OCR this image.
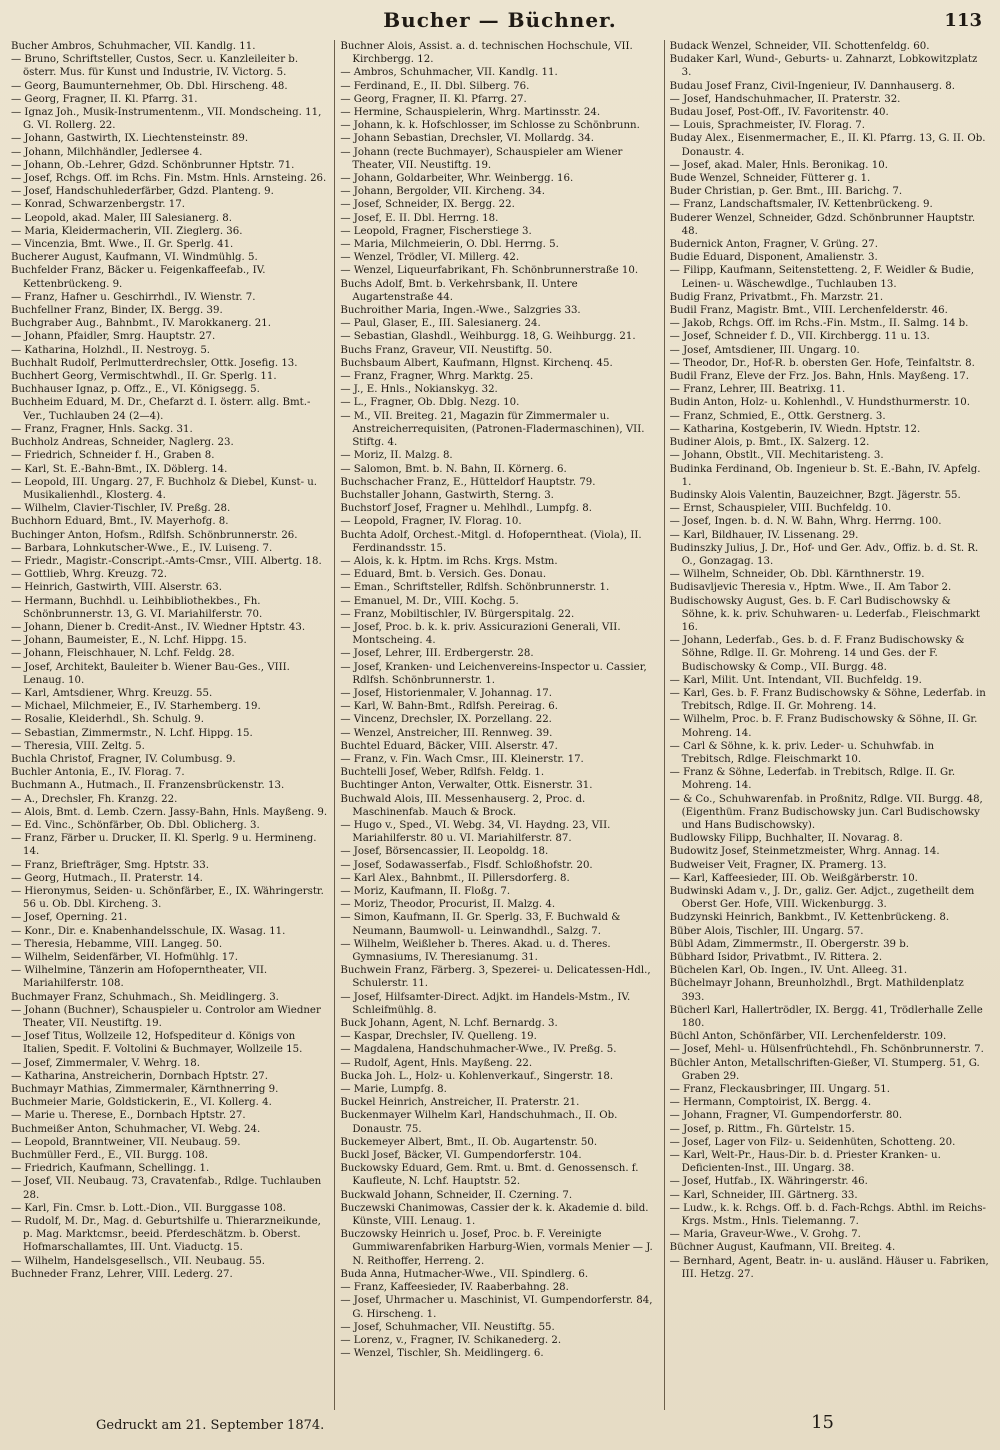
Bucher — Büchner.	113

Bucher Ambros, Schuhmacher, VII. Kandlg. 11.

— Bruno, Schriftsteller, Custos, Secr. u. Kanzleileiter b. österr. Mus. für Kunst und Industrie, IV. Victorg. 5.

— Georg, Baumunternehmer, Ob. Dbl. Hirscheng. 48.

— Georg, Fragner, II. Kl. Pfarrg. 31.

— Ignaz Joh., Musik-Instrumentenm., VII. Mondscheing. 11, G. VI. Rollerg. 22.

— Johann, Gastwirth, IX. Liechtensteinstr. 89.

— Johann, Milchhändler, Jedlersee 4.

— Johann, Ob.-Lehrer, Gdzd. Schönbrunner Hptstr. 71.

— Josef, Rchgs. Off. im Rchs. Fin. Mstm. Hnls. Arnsteing. 26.

— Josef, Handschuhlederfärber, Gdzd. Planteng. 9.

— Konrad, Schwarzenbergstr. 17.

— Leopold, akad. Maler, III Salesianerg. 8.

— Maria, Kleidermacherin, VII. Zieglerg. 36.

— Vincenzia, Bmt. Wwe., II. Gr. Sperlg. 41.

Bucherer August, Kaufmann, VI. Windmühlg. 5.

Buchfelder Franz, Bäcker u. Feigenkaffeefab., IV. Kettenbrückeng. 9.

— Franz, Hafner u. Geschirrhdl., IV. Wienstr. 7.

Buchfellner Franz, Binder, IX. Bergg. 39.

Buchgraber Aug., Bahnbmt., IV. Marokkanerg. 21.

— Johann, Pfaidler, Smrg. Hauptstr. 27.

— Katharina, Holzhdl., II. Nestroyg. 5.

Buchhalt Rudolf, Perlmutterdrechsler, Ottk. Josefig. 13.

Buchhert Georg, Vermischtwhdl., II. Gr. Sperlg. 11.

Buchhauser Ignaz, p. Offz., E., VI. Königsegg. 5.

Buchheim Eduard, M. Dr., Chefarzt d. I. österr. allg. Bmt.-Ver., Tuchlauben 24 (2—4).

— Franz, Fragner, Hnls. Sackg. 31.

Buchholz Andreas, Schneider, Naglerg. 23.

— Friedrich, Schneider f. H., Graben 8.

— Karl, St. E.-Bahn-Bmt., IX. Döblerg. 14.

— Leopold, III. Ungarg. 27, F. Buchholz & Diebel, Kunst- u. Musikalienhdl., Klosterg. 4.

— Wilhelm, Clavier-Tischler, IV. Preßg. 28.

Buchhorn Eduard, Bmt., IV. Mayerhofg. 8.

Buchinger Anton, Hofsm., Rdlfsh. Schönbrunnerstr. 26.

— Barbara, Lohnkutscher-Wwe., E., IV. Luiseng. 7.

— Friedr., Magistr.-Conscript.-Amts-Cmsr., VIII. Albertg. 18.

— Gottlieb, Whrg. Kreuzg. 72.

— Heinrich, Gastwirth, VIII. Alserstr. 63.

— Hermann, Buchhdl. u. Leihbibliothekbes., Fh. Schönbrunnerstr. 13, G. VI. Mariahilferstr. 70.

— Johann, Diener b. Credit-Anst., IV. Wiedner Hptstr. 43.

— Johann, Baumeister, E., N. Lchf. Hippg. 15.

— Johann, Fleischhauer, N. Lchf. Feldg. 28.

— Josef, Architekt, Bauleiter b. Wiener Bau-Ges., VIII. Lenaug. 10.

— Karl, Amtsdiener, Whrg. Kreuzg. 55.

— Michael, Milchmeier, E., IV. Starhemberg. 19.

— Rosalie, Kleiderhdl., Sh. Schulg. 9.

— Sebastian, Zimmermstr., N. Lchf. Hippg. 15.

— Theresia, VIII. Zeltg. 5.

Buchla Christof, Fragner, IV. Columbusg. 9.

Buchler Antonia, E., IV. Florag. 7.

Buchmann A., Hutmach., II. Franzensbrückenstr. 13.

— A., Drechsler, Fh. Kranzg. 22.

— Alois, Bmt. d. Lemb. Czern. Jassy-Bahn, Hnls. Mayßeng. 9.

— Ed. Vinc., Schönfärber, Ob. Dbl. Oblicherg. 3.

— Franz, Färber u. Drucker, II. Kl. Sperlg. 9 u. Hermineng. 14.

— Franz, Briefträger, Smg. Hptstr. 33.

— Georg, Hutmach., II. Praterstr. 14.

— Hieronymus, Seiden- u. Schönfärber, E., IX. Währingerstr. 56 u. Ob. Dbl. Kircheng. 3.

— Josef, Operning. 21.

— Konr., Dir. e. Knabenhandelsschule, IX. Wasag. 11.

— Theresia, Hebamme, VIII. Langeg. 50.

— Wilhelm, Seidenfärber, VI. Hofmühlg. 17.

— Wilhelmine, Tänzerin am Hofoperntheater, VII. Mariahilferstr. 108.

Buchmayer Franz, Schuhmach., Sh. Meidlingerg. 3.

— Johann (Buchner), Schauspieler u. Controlor am Wiedner Theater, VII. Neustiftg. 19.

— Josef Titus, Wollzeile 12, Hofspediteur d. Königs von Italien, Spedit. F. Voltolini & Buchmayer, Wollzeile 15.

— Josef, Zimmermaler, V. Wehrg. 18.

— Katharina, Anstreicherin, Dornbach Hptstr. 27.

Buchmayr Mathias, Zimmermaler, Kärnthnerring 9.

Buchmeier Marie, Goldstickerin, E., VI. Kollerg. 4.

— Marie u. Therese, E., Dornbach Hptstr. 27.

Buchmeißer Anton, Schuhmacher, VI. Webg. 24.

— Leopold, Branntweiner, VII. Neubaug. 59.

Buchmüller Ferd., E., VII. Burgg. 108.

— Friedrich, Kaufmann, Schellingg. 1.

— Josef, VII. Neubaug. 73, Cravatenfab., Rdlge. Tuchlauben 28.

— Karl, Fin. Cmsr. b. Lott.-Dion., VII. Burggasse 108.

— Rudolf, M. Dr., Mag. d. Geburtshilfe u. Thierarzneikunde, p. Mag. Marktcmsr., beeid. Pferdeschätzm. b. Oberst. Hofmarschallamtes, III. Unt. Viaductg. 15.

— Wilhelm, Handelsgesellsch., VII. Neubaug. 55.

Buchneder Franz, Lehrer, VIII. Lederg. 27.

Buchner Alois, Assist. a. d. technischen Hochschule, VII. Kirchbergg. 12.

— Ambros, Schuhmacher, VII. Kandlg. 11.

— Ferdinand, E., II. Dbl. Silberg. 76.

— Georg, Fragner, II. Kl. Pfarrg. 27.

— Hermine, Schauspielerin, Whrg. Martinsstr. 24.

— Johann, k. k. Hofschlosser, im Schlosse zu Schönbrunn.

— Johann Sebastian, Drechsler, VI. Mollardg. 34.

— Johann (recte Buchmayer), Schauspieler am Wiener Theater, VII. Neustiftg. 19.

— Johann, Goldarbeiter, Whr. Weinbergg. 16.

— Johann, Bergolder, VII. Kircheng. 34.

— Josef, Schneider, IX. Bergg. 22.

— Josef, E. II. Dbl. Herrng. 18.

— Leopold, Fragner, Fischerstiege 3.

— Maria, Milchmeierin, O. Dbl. Herrng. 5.

— Wenzel, Trödler, VI. Millerg. 42.

— Wenzel, Liqueurfabrikant, Fh. Schönbrunnerstraße 10.

Buchs Adolf, Bmt. b. Verkehrsbank, II. Untere Augartenstraße 44.

Buchroither Maria, Ingen.-Wwe., Salzgries 33.

— Paul, Glaser, E., III. Salesianerg. 24.

— Sebastian, Glashdl., Weihburgg. 18, G. Weihburgg. 21.

Buchs Franz, Graveur, VII. Neustiftg. 50.

Buchsbaum Albert, Kaufmann, Hlgnst. Kirchenq. 45.

— Franz, Fragner, Whrg. Marktg. 25.

— J., E. Hnls., Nokianskyg. 32.

— L., Fragner, Ob. Dblg. Nezg. 10.

— M., VII. Breiteg. 21, Magazin für Zimmermaler u. Anstreicherrequisiten, (Patronen-Fladermaschinen), VII. Stiftg. 4.

— Moriz, II. Malzg. 8.

— Salomon, Bmt. b. N. Bahn, II. Körnerg. 6.

Buchschacher Franz, E., Hütteldorf Hauptstr. 79.

Buchstaller Johann, Gastwirth, Sterng. 3.

Buchstorf Josef, Fragner u. Mehlhdl., Lumpfg. 8.

— Leopold, Fragner, IV. Florag. 10.

Buchta Adolf, Orchest.-Mitgl. d. Hofoperntheat. (Viola), II. Ferdinandsstr. 15.

— Alois, k. k. Hptm. im Rchs. Krgs. Mstm.

— Eduard, Bmt. b. Versich. Ges. Donau.

— Eman., Schriftsteller, Rdlfsh. Schönbrunnerstr. 1.

— Emanuel, M. Dr., VIII. Kochg. 5.

— Franz, Mobiltischler, IV. Bürgerspitalg. 22.

— Josef, Proc. b. k. k. priv. Assicurazioni Generali, VII. Montscheing. 4.

— Josef, Lehrer, III. Erdbergerstr. 28.

— Josef, Kranken- und Leichenvereins-Inspector u. Cassier, Rdlfsh. Schönbrunnerstr. 1.

— Josef, Historienmaler, V. Johannag. 17.

— Karl, W. Bahn-Bmt., Rdlfsh. Pereirag. 6.

— Vincenz, Drechsler, IX. Porzellang. 22.

— Wenzel, Anstreicher, III. Rennweg. 39.

Buchtel Eduard, Bäcker, VIII. Alserstr. 47.

— Franz, v. Fin. Wach Cmsr., III. Kleinerstr. 17.

Buchtelli Josef, Weber, Rdlfsh. Feldg. 1.

Buchtinger Anton, Verwalter, Ottk. Eisnerstr. 31.

Buchwald Alois, III. Messenhauserg. 2, Proc. d. Maschinenfab. Mauch & Brock.

— Hugo v., Sped., VI. Webg. 34, VI. Haydng. 23, VII. Mariahilferstr. 80 u. VI. Mariahilferstr. 87.

— Josef, Börsencassier, II. Leopoldg. 18.

— Josef, Sodawasserfab., Flsdf. Schloßhofstr. 20.

— Karl Alex., Bahnbmt., II. Pillersdorferg. 8.

— Moriz, Kaufmann, II. Floßg. 7.

— Moriz, Theodor, Procurist, II. Malzg. 4.

— Simon, Kaufmann, II. Gr. Sperlg. 33, F. Buchwald & Neumann, Baumwoll- u. Leinwandhdl., Salzg. 7.

— Wilhelm, Weißleher b. Theres. Akad. u. d. Theres. Gymnasiums, IV. Theresianumg. 31.

Buchwein Franz, Färberg. 3, Spezerei- u. Delicatessen-Hdl., Schulerstr. 11.

— Josef, Hilfsamter-Direct. Adjkt. im Handels-Mstm., IV. Schleifmühlg. 8.

Buck Johann, Agent, N. Lchf. Bernardg. 3.

— Kaspar, Drechsler, IV. Quelleng. 19.

— Magdalena, Handschuhmacher-Wwe., IV. Preßg. 5.

— Rudolf, Agent, Hnls. Mayßeng. 22.

Bucka Joh. L., Holz- u. Kohlenverkauf., Singerstr. 18.

— Marie, Lumpfg. 8.

Buckel Heinrich, Anstreicher, II. Praterstr. 21.

Buckenmayer Wilhelm Karl, Handschuhmach., II. Ob. Donaustr. 75.

Buckemeyer Albert, Bmt., II. Ob. Augartenstr. 50.

Buckl Josef, Bäcker, VI. Gumpendorferstr. 104.

Buckowsky Eduard, Gem. Rmt. u. Bmt. d. Genossensch. f. Kaufleute, N. Lchf. Hauptstr. 52.

Buckwald Johann, Schneider, II. Czerning. 7.

Buczewski Chanimowas, Cassier der k. k. Akademie d. bild. Künste, VIII. Lenaug. 1.

Buczowsky Heinrich u. Josef, Proc. b. F. Vereinigte Gummiwarenfabriken Harburg-Wien, vormals Menier — J. N. Reithoffer, Herreng. 2.

Buda Anna, Hutmacher-Wwe., VII. Spindlerg. 6.

— Franz, Kaffeesieder, IV. Raaberbahng. 28.

— Josef, Uhrmacher u. Maschinist, VI. Gumpendorferstr. 84, G. Hirscheng. 1.

— Josef, Schuhmacher, VII. Neustiftg. 55.

— Lorenz, v., Fragner, IV. Schikanederg. 2.

— Wenzel, Tischler, Sh. Meidlingerg. 6.

Budack Wenzel, Schneider, VII. Schottenfeldg. 60.

Budaker Karl, Wund-, Geburts- u. Zahnarzt, Lobkowitzplatz 3.

Budau Josef Franz, Civil-Ingenieur, IV. Dannhauserg. 8.

— Josef, Handschuhmacher, II. Praterstr. 32.

Budau Josef, Post-Off., IV. Favoritenstr. 40.

— Louis, Sprachmeister, IV. Florag. 7.

Buday Alex., Eisenmermacher, E., II. Kl. Pfarrg. 13, G. II. Ob. Donaustr. 4.

— Josef, akad. Maler, Hnls. Beronikag. 10.

Bude Wenzel, Schneider, Fütterer g. 1.

Buder Christian, p. Ger. Bmt., III. Barichg. 7.

— Franz, Landschaftsmaler, IV. Kettenbrückeng. 9.

Buderer Wenzel, Schneider, Gdzd. Schönbrunner Hauptstr. 48.

Budernick Anton, Fragner, V. Grüng. 27.

Budie Eduard, Disponent, Amalienstr. 3.

— Filipp, Kaufmann, Seitenstetteng. 2, F. Weidler & Budie, Leinen- u. Wäschewdlge., Tuchlauben 13.

Budig Franz, Privatbmt., Fh. Marzstr. 21.

Budil Franz, Magistr. Bmt., VIII. Lerchenfelderstr. 46.

— Jakob, Rchgs. Off. im Rchs.-Fin. Mstm., II. Salmg. 14 b.

— Josef, Schneider f. D., VII. Kirchbergg. 11 u. 13.

— Josef, Amtsdiener, III. Ungarg. 10.

— Theodor, Dr., Hof-R. b. obersten Ger. Hofe, Teinfaltstr. 8.

Budil Franz, Eleve der Frz. Jos. Bahn, Hnls. Mayßeng. 17.

— Franz, Lehrer, III. Beatrixg. 11.

Budin Anton, Holz- u. Kohlenhdl., V. Hundsthurmerstr. 10.

— Franz, Schmied, E., Ottk. Gerstnerg. 3.

— Katharina, Kostgeberin, IV. Wiedn. Hptstr. 12.

Budiner Alois, p. Bmt., IX. Salzerg. 12.

— Johann, Obstlt., VII. Mechitaristeng. 3.

Budinka Ferdinand, Ob. Ingenieur b. St. E.-Bahn, IV. Apfelg. 1.

Budinsky Alois Valentin, Bauzeichner, Bzgt. Jägerstr. 55.

— Ernst, Schauspieler, VIII. Buchfeldg. 10.

— Josef, Ingen. b. d. N. W. Bahn, Whrg. Herrng. 100.

— Karl, Bildhauer, IV. Lissenang. 29.

Budinszky Julius, J. Dr., Hof- und Ger. Adv., Offiz. b. d. St. R. O., Gonzagag. 13.

— Wilhelm, Schneider, Ob. Dbl. Kärnthnerstr. 19.

Budisavljevic Theresia v., Hptm. Wwe., II. Am Tabor 2.

Budischowsky August, Ges. b. F. Carl Budischowsky & Söhne, k. k. priv. Schuhwaren- u. Lederfab., Fleischmarkt 16.

— Johann, Lederfab., Ges. b. d. F. Franz Budischowsky & Söhne, Rdlge. II. Gr. Mohreng. 14 und Ges. der F. Budischowsky & Comp., VII. Burgg. 48.

— Karl, Milit. Unt. Intendant, VII. Buchfeldg. 19.

— Karl, Ges. b. F. Franz Budischowsky & Söhne, Lederfab. in Trebitsch, Rdlge. II. Gr. Mohreng. 14.

— Wilhelm, Proc. b. F. Franz Budischowsky & Söhne, II. Gr. Mohreng. 14.

— Carl & Söhne, k. k. priv. Leder- u. Schuhwfab. in Trebitsch, Rdlge. Fleischmarkt 10.

— Franz & Söhne, Lederfab. in Trebitsch, Rdlge. II. Gr. Mohreng. 14.

— & Co., Schuhwarenfab. in Proßnitz, Rdlge. VII. Burgg. 48, (Eigenthüm. Franz Budischowsky jun. Carl Budischowsky und Hans Budischowsky).

Budlowsky Filipp, Buchhalter, II. Novarag. 8.

Budowitz Josef, Steinmetzmeister, Whrg. Annag. 14.

Budweiser Veit, Fragner, IX. Pramerg. 13.

— Karl, Kaffeesieder, III. Ob. Weißgärberstr. 10.

Budwinski Adam v., J. Dr., galiz. Ger. Adjct., zugetheilt dem Oberst Ger. Hofe, VIII. Wickenburgg. 3.

Budzynski Heinrich, Bankbmt., IV. Kettenbrückeng. 8.

Büber Alois, Tischler, III. Ungarg. 57.

Bübl Adam, Zimmermstr., II. Obergerstr. 39 b.

Bübhard Isidor, Privatbmt., IV. Rittera. 2.

Büchelen Karl, Ob. Ingen., IV. Unt. Alleeg. 31.

Büchelmayr Johann, Breunholzhdl., Brgt. Mathildenplatz 393.

Bücherl Karl, Hallertrödler, IX. Bergg. 41, Trödlerhalle Zelle 180.

Büchl Anton, Schönfärber, VII. Lerchenfelderstr. 109.

— Josef, Mehl- u. Hülsenfrüchtehdl., Fh. Schönbrunnerstr. 7.

Büchler Anton, Metallschriften-Gießer, VI. Stumperg. 51, G. Graben 29.

— Franz, Fleckausbringer, III. Ungarg. 51.

— Hermann, Comptoirist, IX. Bergg. 4.

— Johann, Fragner, VI. Gumpendorferstr. 80.

— Josef, p. Rittm., Fh. Gürtelstr. 15.

— Josef, Lager von Filz- u. Seidenhüten, Schotteng. 20.

— Karl, Welt-Pr., Haus-Dir. b. d. Priester Kranken- u. Deficienten-Inst., III. Ungarg. 38.

— Josef, Hutfab., IX. Währingerstr. 46.

— Karl, Schneider, III. Gärtnerg. 33.

— Ludw., k. k. Rchgs. Off. b. d. Fach-Rchgs. Abthl. im Reichs-Krgs. Mstm., Hnls. Tielemanng. 7.

— Maria, Graveur-Wwe., V. Grohg. 7.

Büchner August, Kaufmann, VII. Breiteg. 4.

— Bernhard, Agent, Beatr. in- u. ausländ. Häuser u. Fabriken, III. Hetzg. 27.

Gedruckt am 21. September 1874.	15
